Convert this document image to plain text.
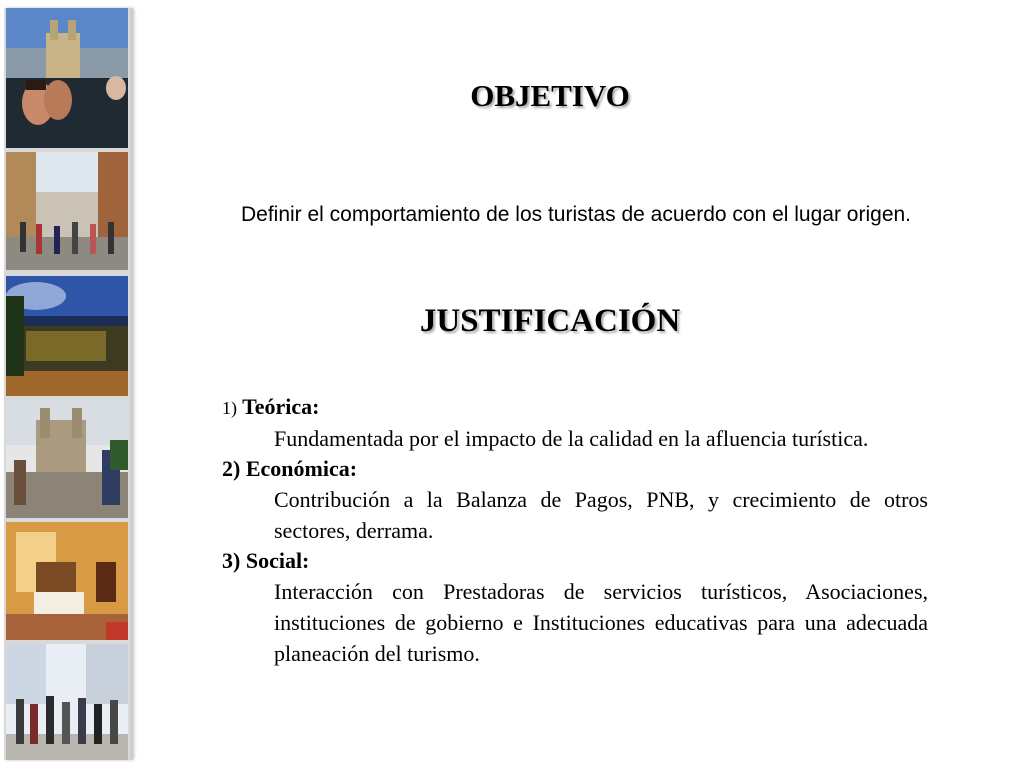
OBJETIVO
Definir el comportamiento de los turistas de acuerdo con el lugar origen.
JUSTIFICACIÓN
1) Teórica:
Fundamentada por el impacto de la calidad en la afluencia turística.
2) Económica:
Contribución a la Balanza de Pagos, PNB, y crecimiento de otros sectores, derrama.
3) Social:
Interacción con Prestadoras de servicios turísticos, Asociaciones, instituciones de gobierno e Instituciones educativas para una adecuada planeación del turismo.
